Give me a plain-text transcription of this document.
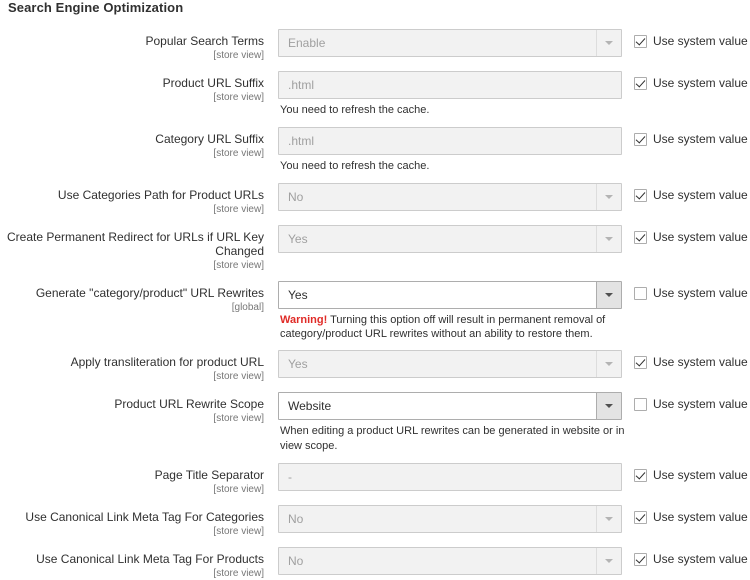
Search Engine Optimization
Popular Search Terms
[store view]
Enable	Use system value
Product URL Suffix
[store view]
.html
You need to refresh the cache.
Use system value
Category URL Suffix
[store view]
.html
You need to refresh the cache.
Use system value
Use Categories Path for Product URLs
[store view]
No	Use system value
Create Permanent Redirect for URLs if URL Key Changed
[store view]
Yes	Use system value
Generate "category/product" URL Rewrites
[global]
Yes
Warning! Turning this option off will result in permanent removal of category/product URL rewrites without an ability to restore them.
Use system value
Apply transliteration for product URL
[store view]
Yes	Use system value
Product URL Rewrite Scope
[store view]
Website
When editing a product URL rewrites can be generated in website or in view scope.
Use system value
Page Title Separator
[store view]
-	Use system value
Use Canonical Link Meta Tag For Categories
[store view]
No	Use system value
Use Canonical Link Meta Tag For Products
[store view]
No	Use system value
